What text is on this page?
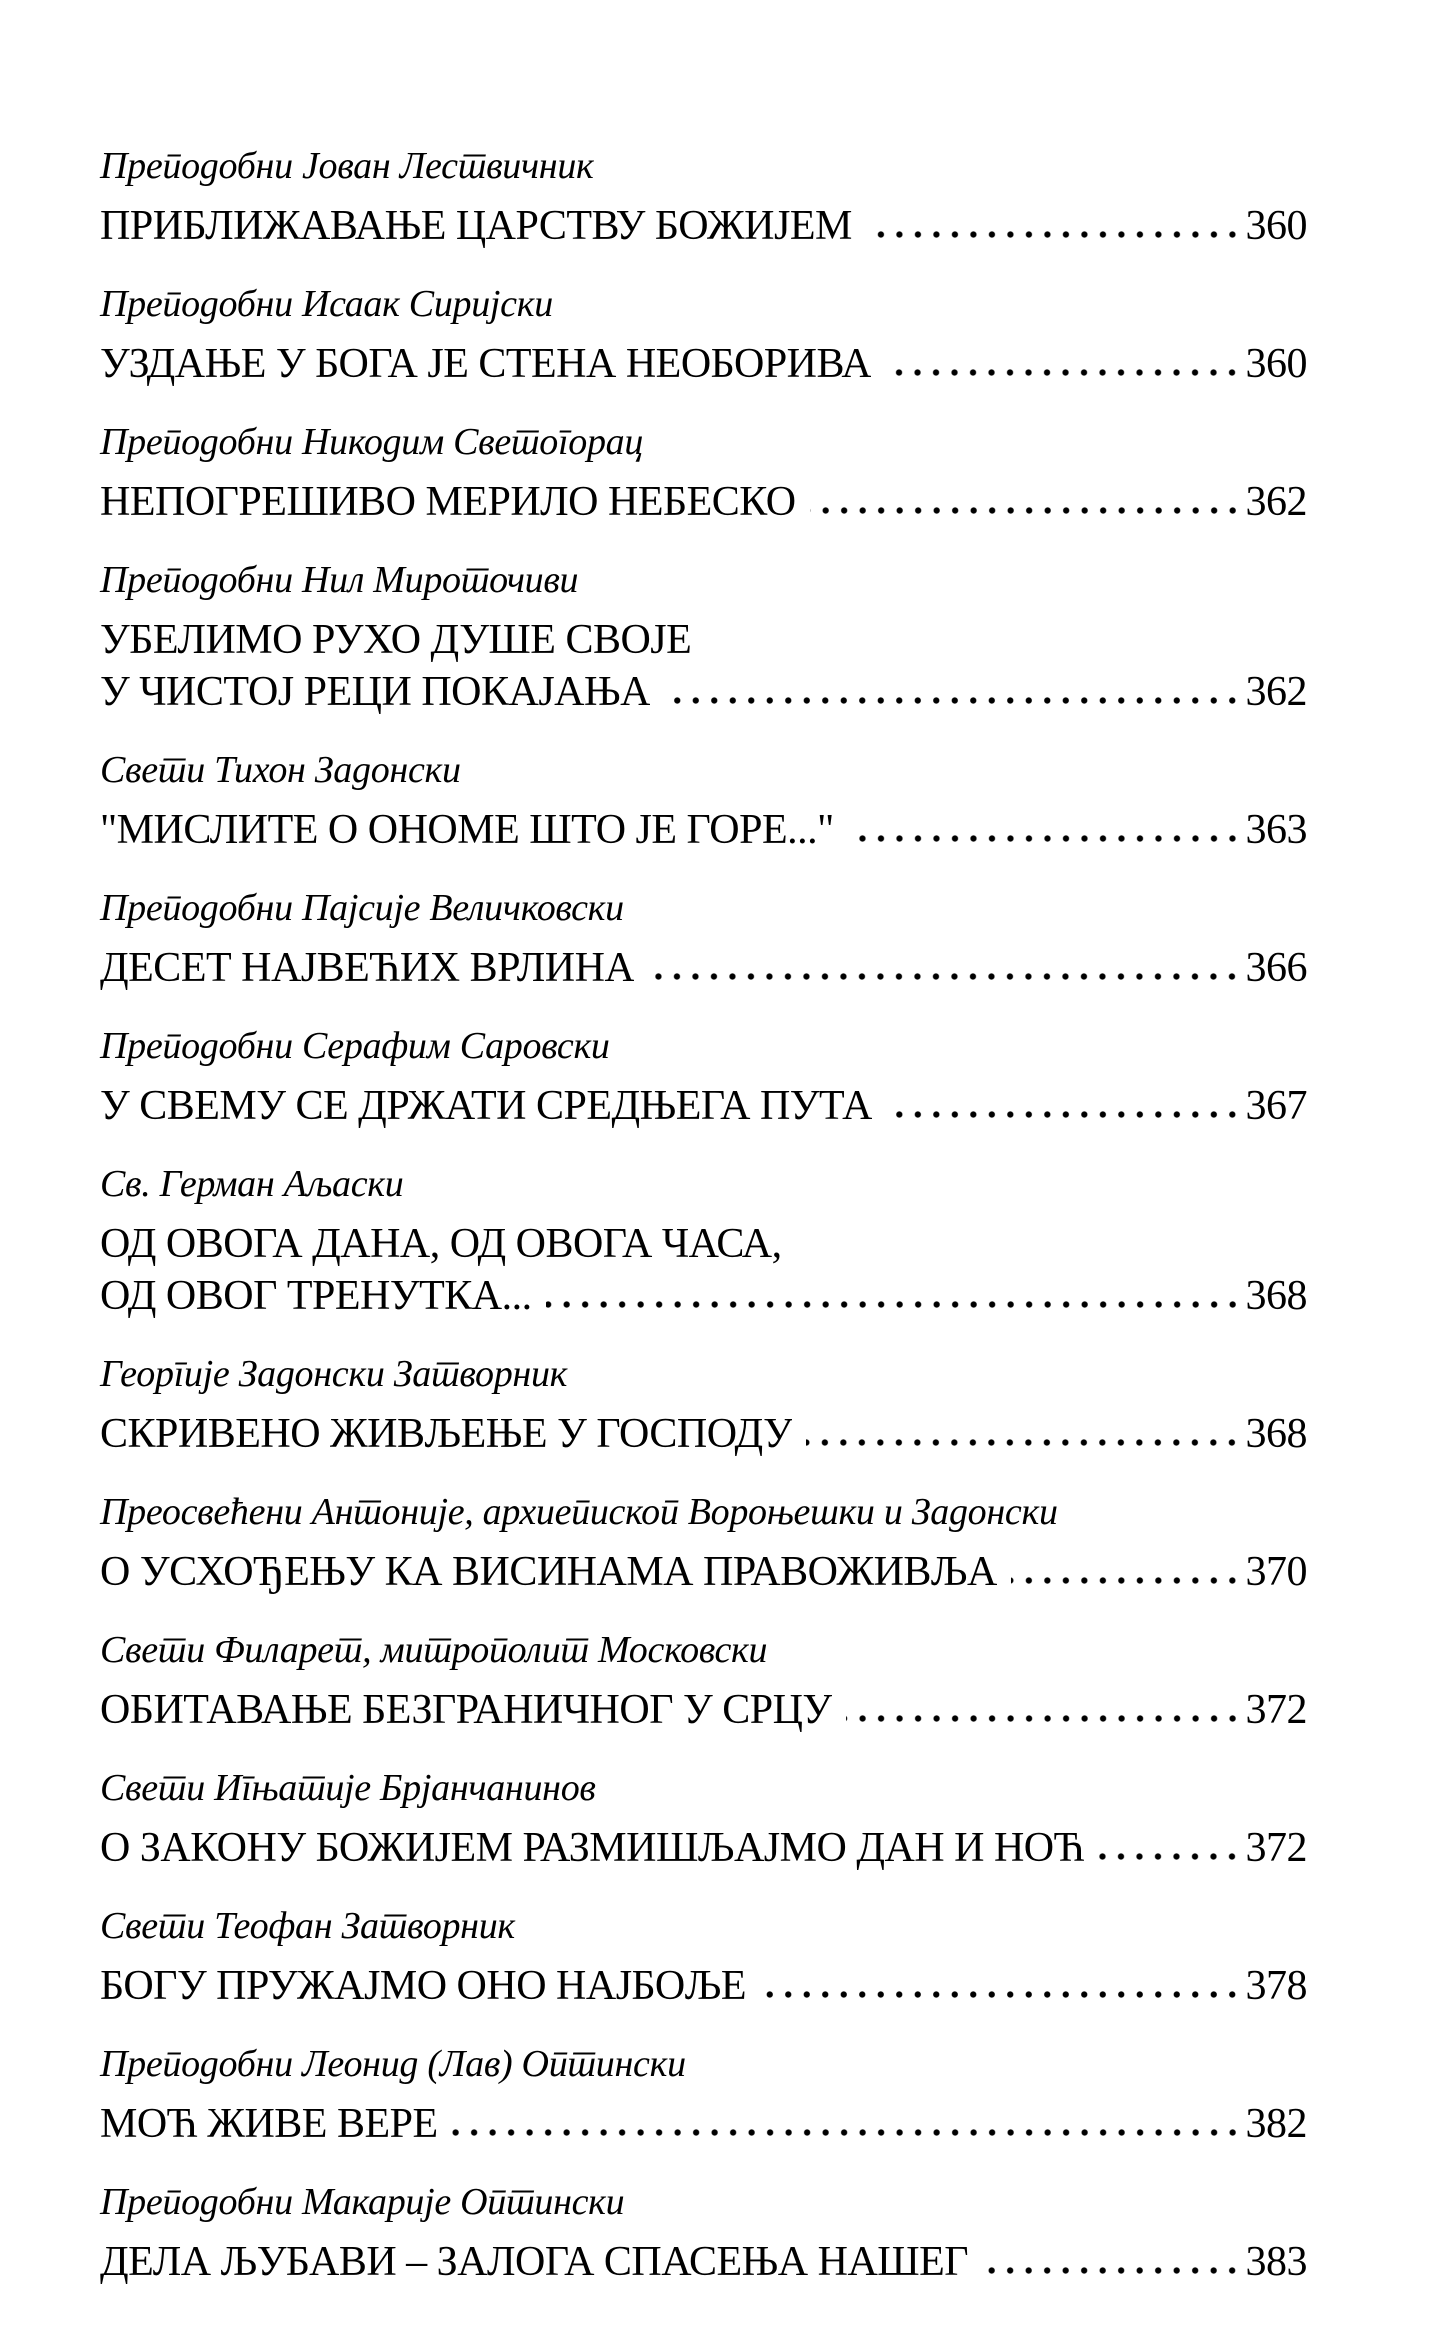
Преподобни Јован Лествичник
ПРИБЛИЖАВАЊЕ ЦАРСТВУ БОЖИЈЕМ	360
Преподобни Исаак Сиријски
УЗДАЊЕ У БОГА ЈЕ СТЕНА НЕОБОРИВА	360
Преподобни Никодим Светогорац
НЕПОГРЕШИВО МЕРИЛО НЕБЕСКО	362
Преподобни Нил Мироточиви
УБЕЛИМО РУХО ДУШЕ СВОЈЕ
У ЧИСТОЈ РЕЦИ ПОКАЈАЊА	362
Свети Тихон Задонски
"МИСЛИТЕ О ОНОМЕ ШТО ЈЕ ГОРЕ..."	363
Преподобни Пајсије Величковски
ДЕСЕТ НАЈВЕЋИХ ВРЛИНА	366
Преподобни Серафим Саровски
У СВЕМУ СЕ ДРЖАТИ СРЕДЊЕГА ПУТА	367
Св. Герман Аљаски
ОД ОВОГА ДАНА, ОД ОВОГА ЧАСА,
ОД ОВОГ ТРЕНУТКА...	368
Георгије Задонски Затворник
СКРИВЕНО ЖИВЉЕЊЕ У ГОСПОДУ	368
Преосвећени Антоније, архиепископ Вороњешки и Задонски
О УСХОЂЕЊУ КА ВИСИНАМА ПРАВОЖИВЉА	370
Свети Филарет, митрополит Московски
ОБИТАВАЊЕ БЕЗГРАНИЧНОГ У СРЦУ	372
Свети Игњатије Брјанчанинов
О ЗАКОНУ БОЖИЈЕМ РАЗМИШЉАЈМО ДАН И НОЋ	372
Свети Теофан Затворник
БОГУ ПРУЖАЈМО ОНО НАЈБОЉЕ	378
Преподобни Леонид (Лав) Оптински
МОЋ ЖИВЕ ВЕРЕ	382
Преподобни Макарије Оптински
ДЕЛА ЉУБАВИ – ЗАЛОГА СПАСЕЊА НАШЕГ	383
